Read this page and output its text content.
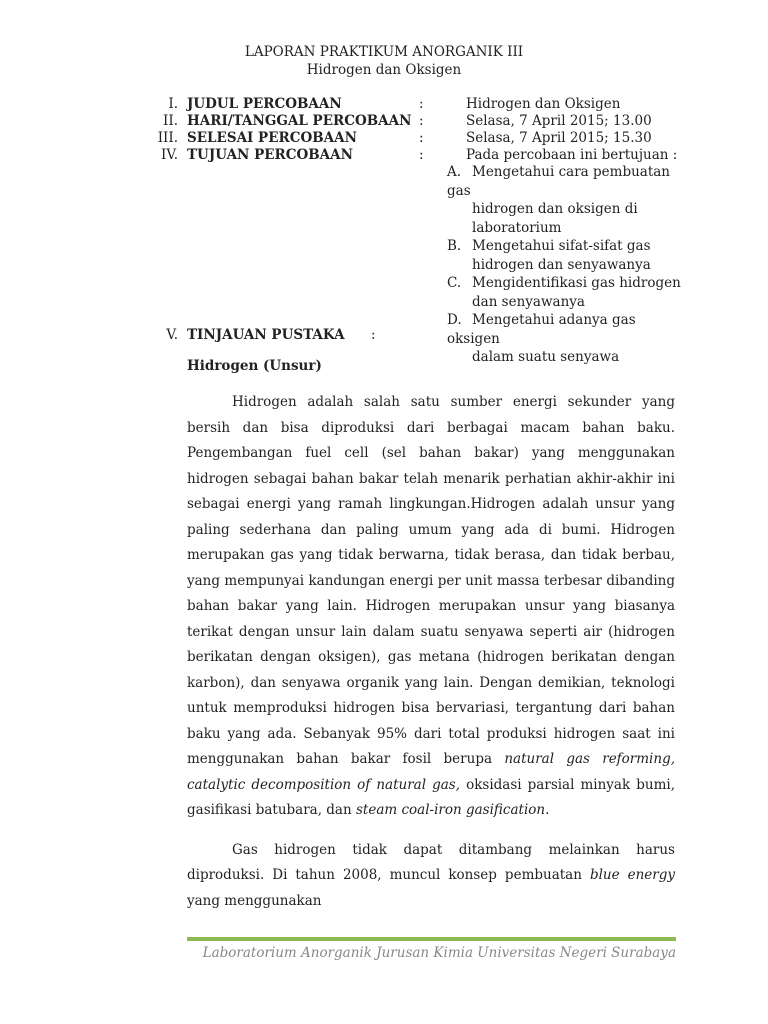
LAPORAN PRAKTIKUM ANORGANIK III
Hidrogen dan Oksigen
I. JUDUL PERCOBAAN	:	Hidrogen dan Oksigen
II. HARI/TANGGAL PERCOBAAN :	Selasa, 7 April 2015; 13.00
III. SELESAI PERCOBAAN	:	Selasa, 7 April 2015; 15.30
IV. TUJUAN PERCOBAAN	:	Pada percobaan ini bertujuan :
A. Mengetahui cara pembuatan gas
hidrogen dan oksigen di laboratorium
B. Mengetahui sifat-sifat gas
hidrogen dan senyawanya
C. Mengidentifikasi gas hidrogen
dan senyawanya
D. Mengetahui adanya gas oksigen
dalam suatu senyawa
V. TINJAUAN PUSTAKA :
Hidrogen (Unsur)

Hidrogen adalah salah satu sumber energi sekunder yang bersih dan bisa diproduksi dari berbagai macam bahan baku. Pengembangan fuel cell (sel bahan bakar) yang menggunakan hidrogen sebagai bahan bakar telah menarik perhatian akhir-akhir ini sebagai energi yang ramah lingkungan.Hidrogen adalah unsur yang paling sederhana dan paling umum yang ada di bumi. Hidrogen merupakan gas yang tidak berwarna, tidak berasa, dan tidak berbau, yang mempunyai kandungan energi per unit massa terbesar dibanding bahan bakar yang lain. Hidrogen merupakan unsur yang biasanya terikat dengan unsur lain dalam suatu senyawa seperti air (hidrogen berikatan dengan oksigen), gas metana (hidrogen berikatan dengan karbon), dan senyawa organik yang lain. Dengan demikian, teknologi untuk memproduksi hidrogen bisa bervariasi, tergantung dari bahan baku yang ada. Sebanyak 95% dari total produksi hidrogen saat ini menggunakan bahan bakar fosil berupa natural gas reforming, catalytic decomposition of natural gas, oksidasi parsial minyak bumi, gasifikasi batubara, dan steam coal-iron gasification.

Gas hidrogen tidak dapat ditambang melainkan harus diproduksi. Di tahun 2008, muncul konsep pembuatan blue energy yang menggunakan

Laboratorium Anorganik Jurusan Kimia Universitas Negeri Surabaya
